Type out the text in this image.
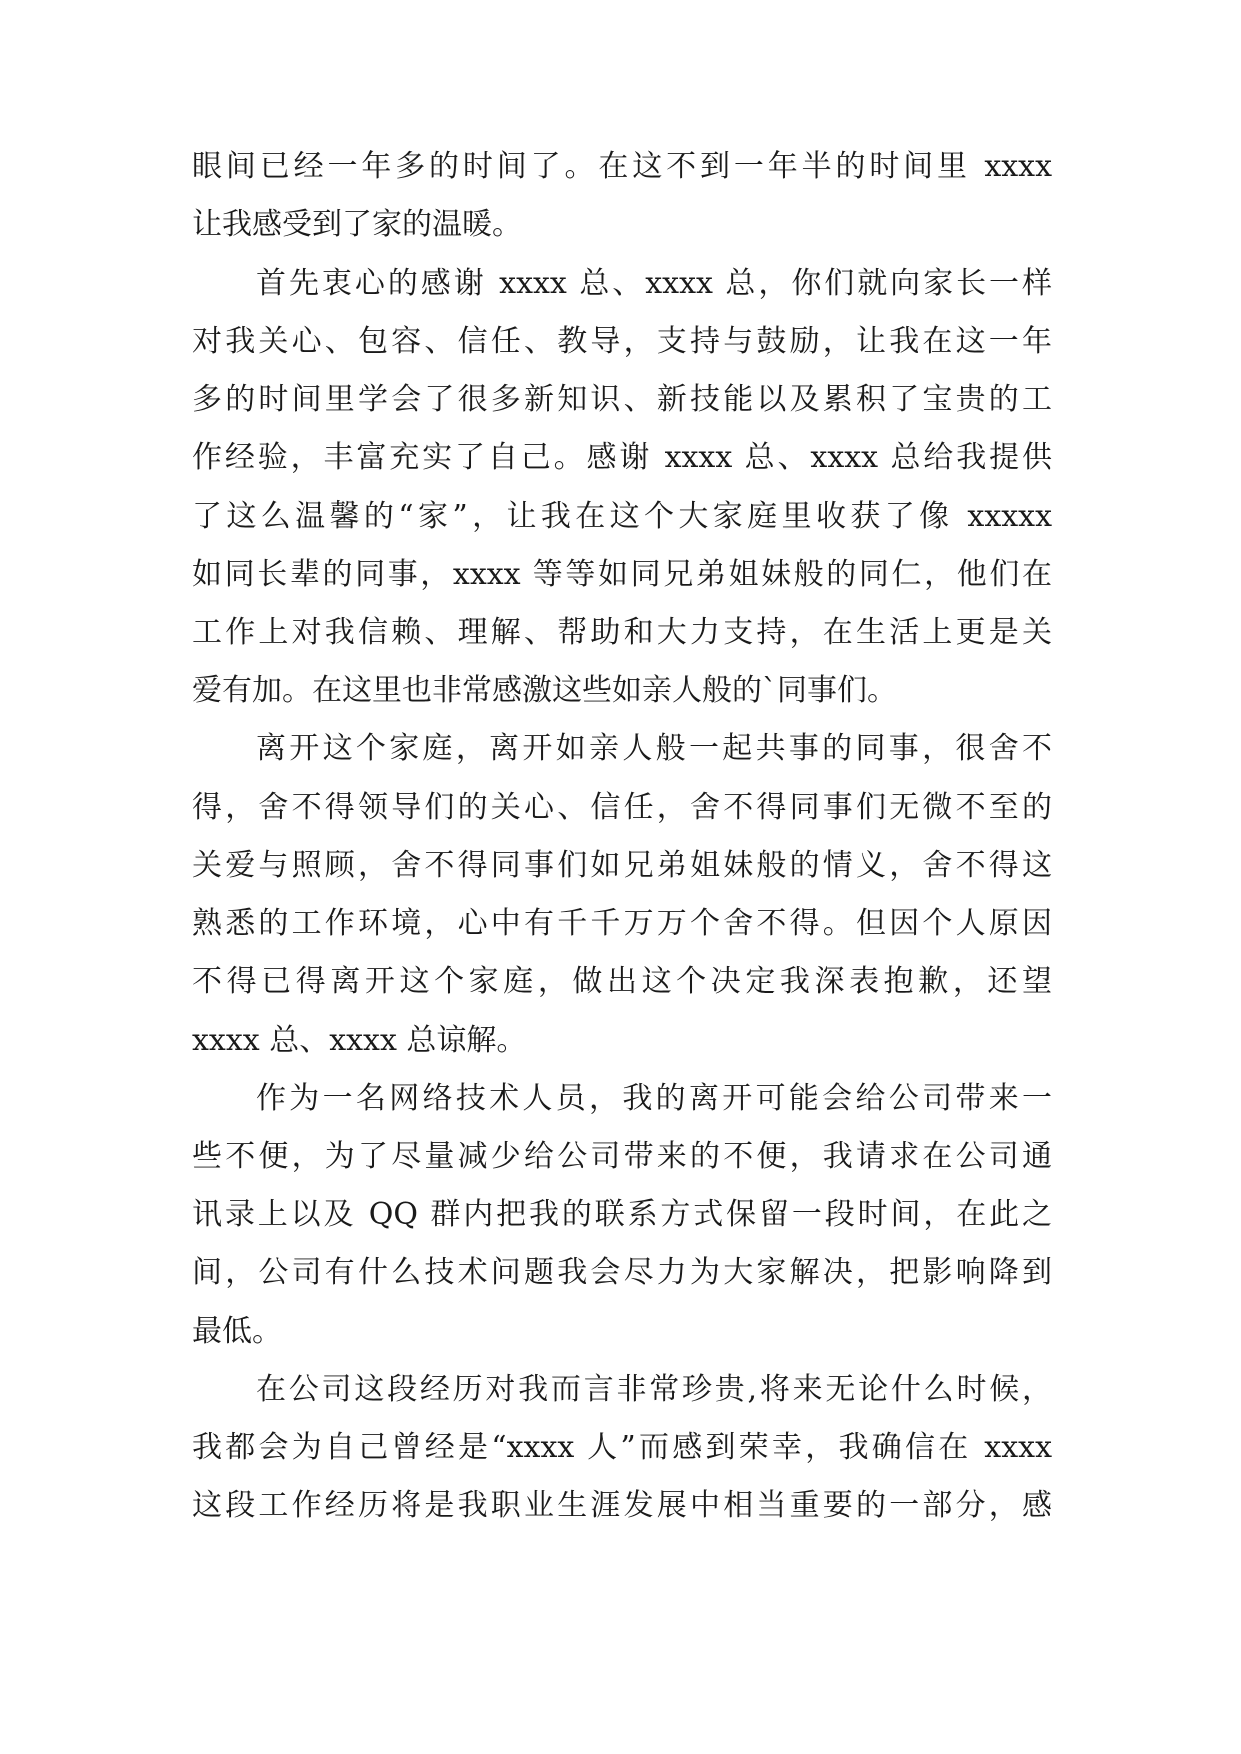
眼间已经一年多的时间了。在这不到一年半的时间里 xxxx
让我感受到了家的温暖。
首先衷心的感谢 xxxx 总、xxxx 总，你们就向家长一样
对我关心、包容、信任、教导，支持与鼓励，让我在这一年
多的时间里学会了很多新知识、新技能以及累积了宝贵的工
作经验，丰富充实了自己。感谢 xxxx 总、xxxx 总给我提供
了这么温馨的“家”，让我在这个大家庭里收获了像 xxxxx
如同长辈的同事，xxxx 等等如同兄弟姐妹般的同仁，他们在
工作上对我信赖、理解、帮助和大力支持，在生活上更是关
爱有加。在这里也非常感激这些如亲人般的`同事们。
离开这个家庭，离开如亲人般一起共事的同事，很舍不
得，舍不得领导们的关心、信任，舍不得同事们无微不至的
关爱与照顾，舍不得同事们如兄弟姐妹般的情义，舍不得这
熟悉的工作环境，心中有千千万万个舍不得。但因个人原因
不得已得离开这个家庭，做出这个决定我深表抱歉，还望
xxxx 总、xxxx 总谅解。
作为一名网络技术人员，我的离开可能会给公司带来一
些不便，为了尽量减少给公司带来的不便，我请求在公司通
讯录上以及 QQ 群内把我的联系方式保留一段时间，在此之
间，公司有什么技术问题我会尽力为大家解决，把影响降到
最低。
在公司这段经历对我而言非常珍贵,将来无论什么时候，
我都会为自己曾经是“xxxx 人”而感到荣幸，我确信在 xxxx
这段工作经历将是我职业生涯发展中相当重要的一部分，感
